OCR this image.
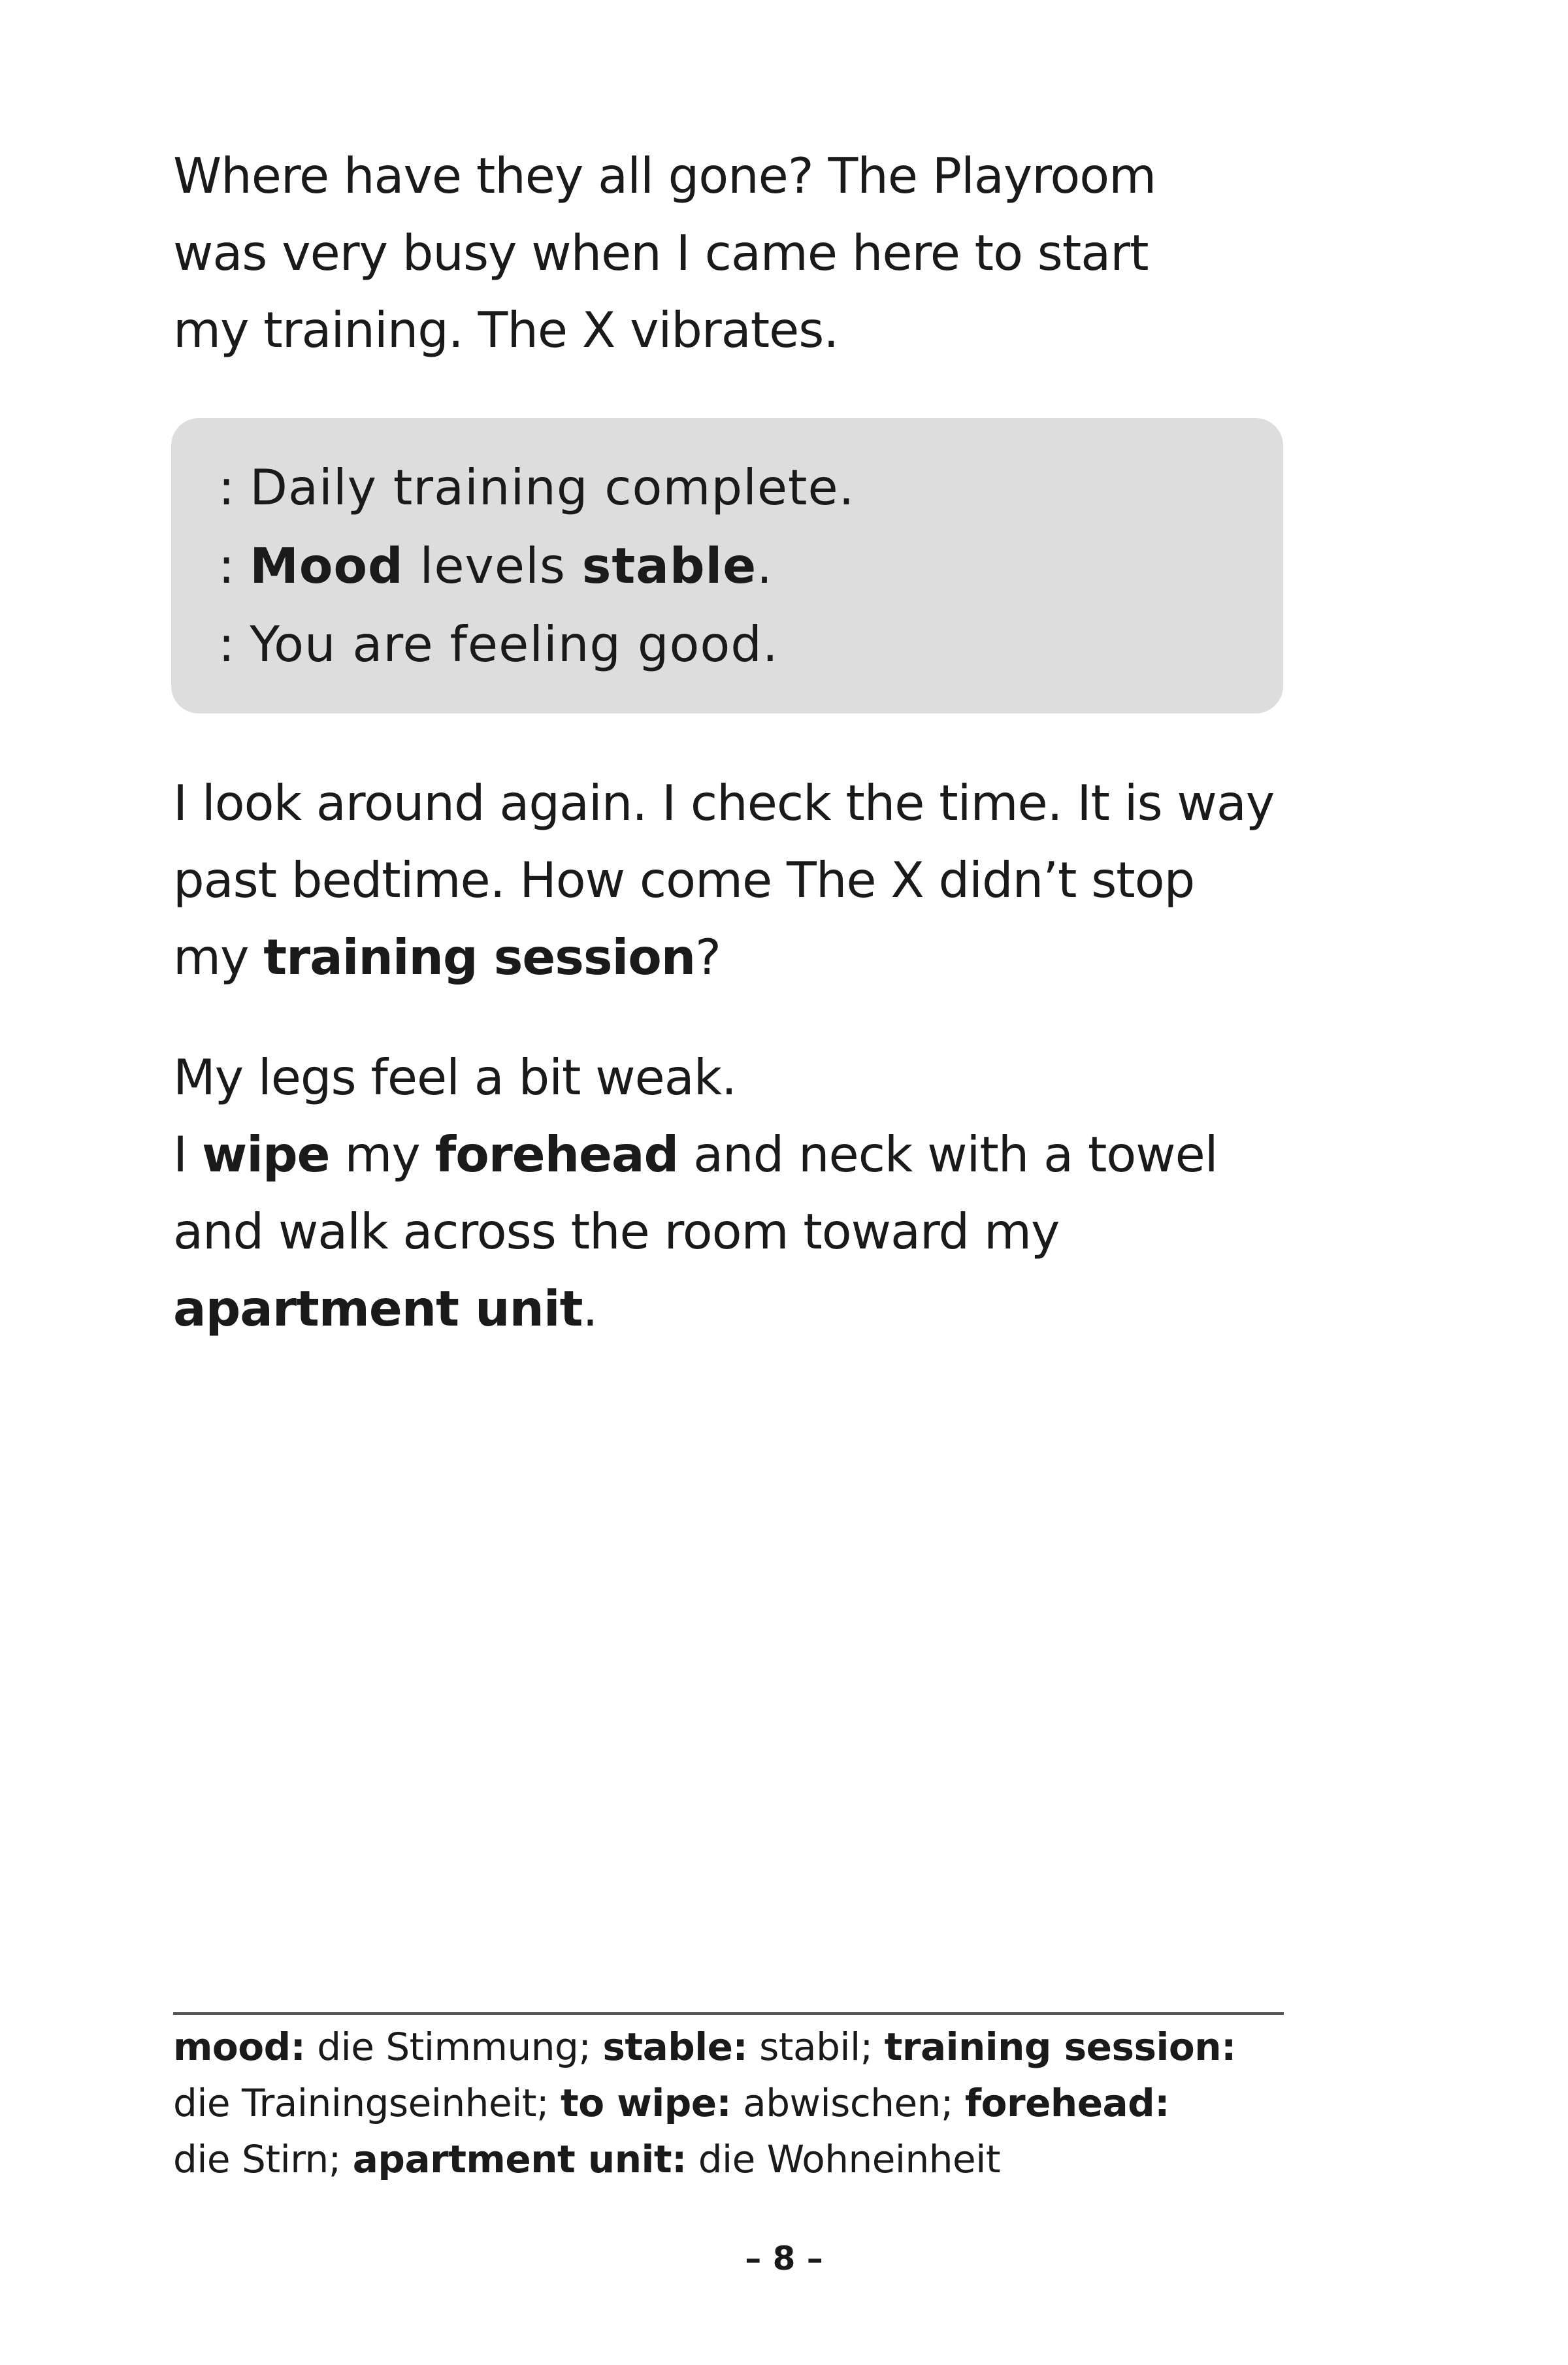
Where have they all gone? The Playroom
was very busy when I came here to start
my training. The X vibrates.

: Daily training complete.
: Mood levels stable.
: You are feeling good.

I look around again. I check the time. It is way
past bedtime. How come The X didn’t stop
my training session?

My legs feel a bit weak.
I wipe my forehead and neck with a towel
and walk across the room toward my
apartment unit.

mood: die Stimmung; stable: stabil; training session:
die Trainingseinheit; to wipe: abwischen; forehead:
die Stirn; apartment unit: die Wohneinheit
– 8 –
